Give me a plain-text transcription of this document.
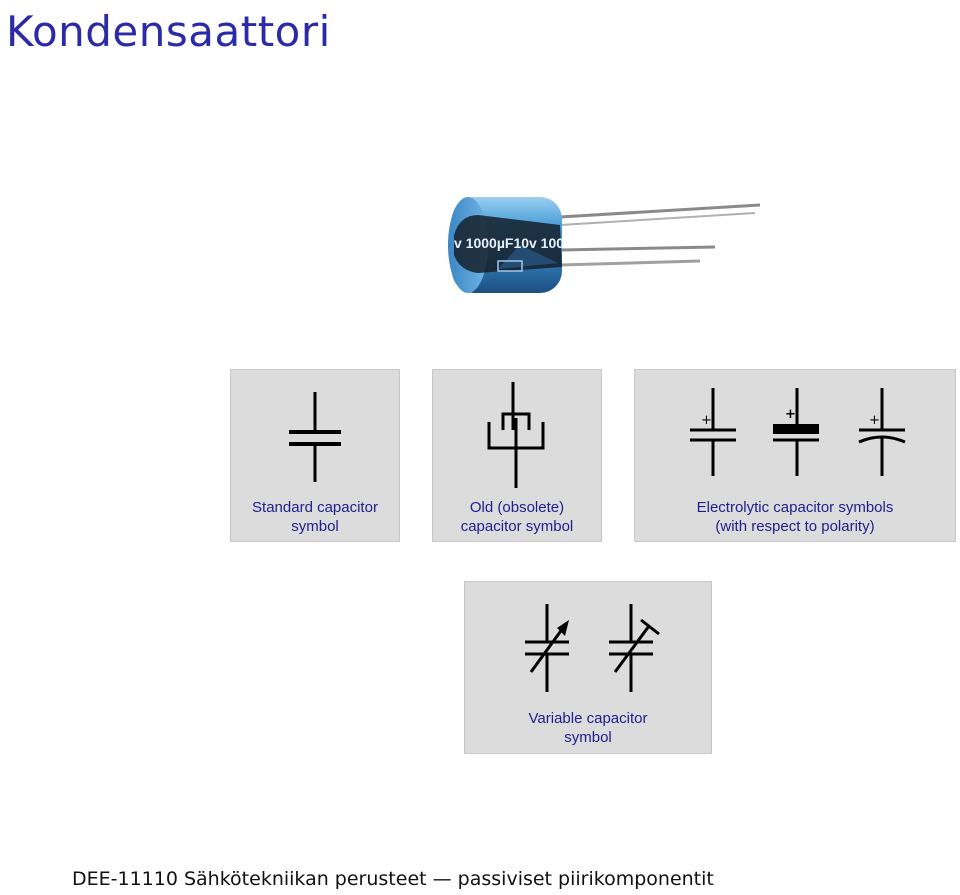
Kondensaattori
v 1000µF10v 100
Standard capacitor
symbol
Old (obsolete)
capacitor symbol
+	+	+
Electrolytic capacitor symbols
(with respect to polarity)
Variable capacitor
symbol
DEE-11110 Sähkötekniikan perusteet — passiviset piirikomponentit
